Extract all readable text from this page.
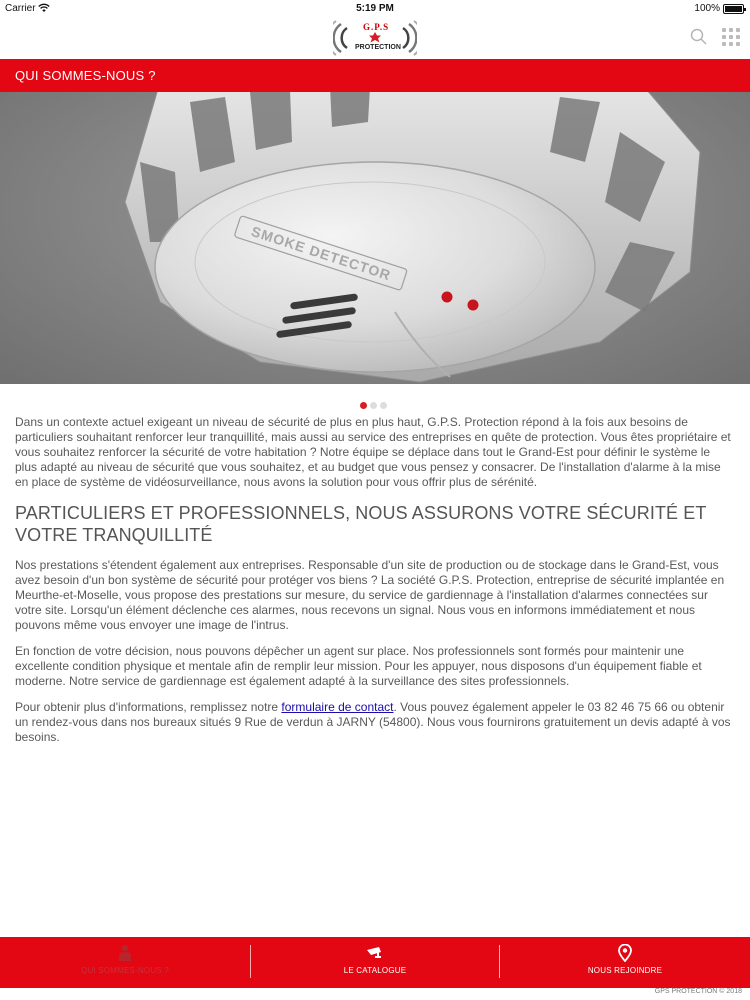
Carrier	5:19 PM	100%
G.P.S
PROTECTION
QUI SOMMES-NOUS ?
SMOKE DETECTOR

Dans un contexte actuel exigeant un niveau de sécurité de plus en plus haut, G.P.S. Protection répond à la fois aux besoins de particuliers souhaitant renforcer leur tranquillité, mais aussi au service des entreprises en quête de protection. Vous êtes propriétaire et vous souhaitez renforcer la sécurité de votre habitation ? Notre équipe se déplace dans tout le Grand-Est pour définir le système le plus adapté au niveau de sécurité que vous souhaitez, et au budget que vous pensez y consacrer. De l'installation d'alarme à la mise en place de système de vidéosurveillance, nous avons la solution pour vous offrir plus de sérénité.

PARTICULIERS ET PROFESSIONNELS, NOUS ASSURONS VOTRE SÉCURITÉ ET VOTRE TRANQUILLITÉ

Nos prestations s'étendent également aux entreprises. Responsable d'un site de production ou de stockage dans le Grand-Est, vous avez besoin d'un bon système de sécurité pour protéger vos biens ? La société G.P.S. Protection, entreprise de sécurité implantée en Meurthe-et-Moselle, vous propose des prestations sur mesure, du service de gardiennage à l'installation d'alarmes connectées sur votre site. Lorsqu'un élément déclenche ces alarmes, nous recevons un signal. Nous vous en informons immédiatement et nous pouvons même vous envoyer une image de l'intrus.

En fonction de votre décision, nous pouvons dépêcher un agent sur place. Nos professionnels sont formés pour maintenir une excellente condition physique et mentale afin de remplir leur mission. Pour les appuyer, nous disposons d'un équipement fiable et moderne. Notre service de gardiennage est également adapté à la surveillance des sites professionnels.

Pour obtenir plus d'informations, remplissez notre formulaire de contact. Vous pouvez également appeler le 03 82 46 75 66 ou obtenir un rendez-vous dans nos bureaux situés 9 Rue de verdun à JARNY (54800). Nous vous fournirons gratuitement un devis adapté à vos besoins.

QUI SOMMES-NOUS ?	LE CATALOGUE	NOUS REJOINDRE
GPS PROTECTION © 2018
